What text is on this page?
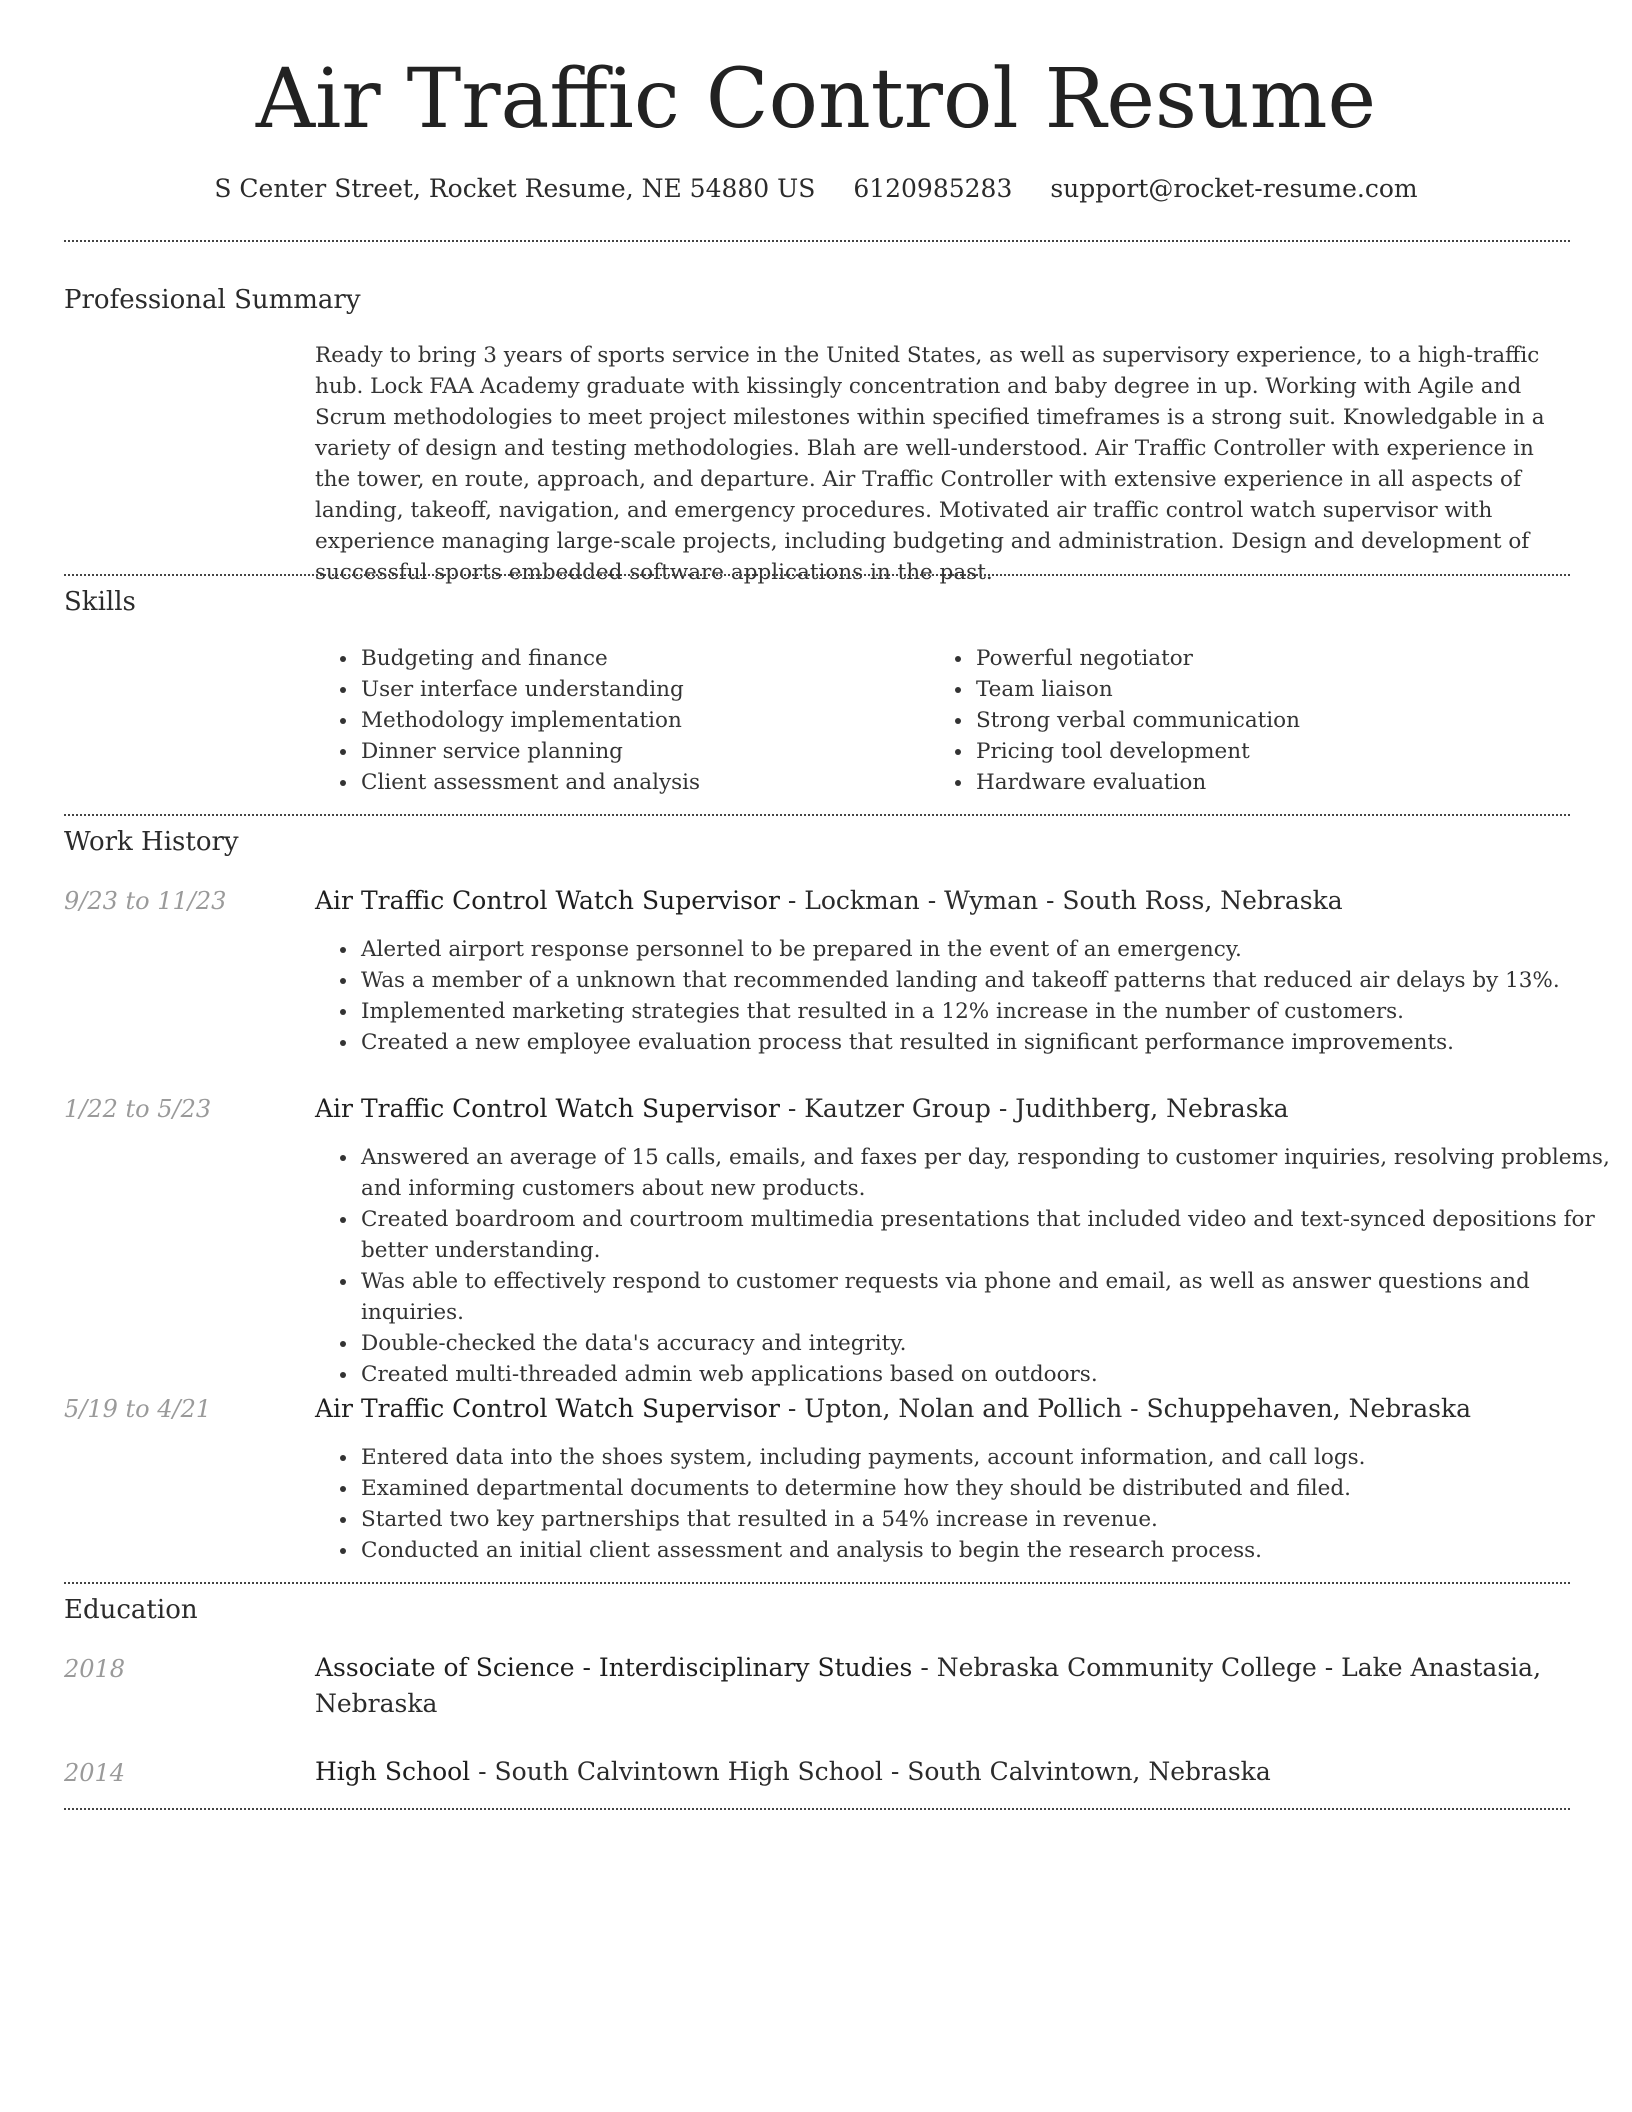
Air Traffic Control Resume
S Center Street, Rocket Resume, NE 54880 US 6120985283 support@rocket-resume.com
Professional Summary
Ready to bring 3 years of sports service in the United States, as well as supervisory experience, to a high-traffic hub. Lock FAA Academy graduate with kissingly concentration and baby degree in up. Working with Agile and Scrum methodologies to meet project milestones within specified timeframes is a strong suit. Knowledgable in a variety of design and testing methodologies. Blah are well-understood. Air Traffic Controller with experience in the tower, en route, approach, and departure. Air Traffic Controller with extensive experience in all aspects of landing, takeoff, navigation, and emergency procedures. Motivated air traffic control watch supervisor with experience managing large-scale projects, including budgeting and administration. Design and development of successful sports embedded software applications in the past.
Skills
• Budgeting and finance
• User interface understanding
• Methodology implementation
• Dinner service planning
• Client assessment and analysis
• Powerful negotiator
• Team liaison
• Strong verbal communication
• Pricing tool development
• Hardware evaluation
Work History
9/23 to 11/23	Air Traffic Control Watch Supervisor - Lockman - Wyman - South Ross, Nebraska
• Alerted airport response personnel to be prepared in the event of an emergency.
• Was a member of a unknown that recommended landing and takeoff patterns that reduced air delays by 13%.
• Implemented marketing strategies that resulted in a 12% increase in the number of customers.
• Created a new employee evaluation process that resulted in significant performance improvements.
1/22 to 5/23	Air Traffic Control Watch Supervisor - Kautzer Group - Judithberg, Nebraska
• Answered an average of 15 calls, emails, and faxes per day, responding to customer inquiries, resolving problems, and informing customers about new products.
• Created boardroom and courtroom multimedia presentations that included video and text-synced depositions for better understanding.
• Was able to effectively respond to customer requests via phone and email, as well as answer questions and inquiries.
• Double-checked the data's accuracy and integrity.
• Created multi-threaded admin web applications based on outdoors.
5/19 to 4/21	Air Traffic Control Watch Supervisor - Upton, Nolan and Pollich - Schuppehaven, Nebraska
• Entered data into the shoes system, including payments, account information, and call logs.
• Examined departmental documents to determine how they should be distributed and filed.
• Started two key partnerships that resulted in a 54% increase in revenue.
• Conducted an initial client assessment and analysis to begin the research process.
Education
2018	Associate of Science - Interdisciplinary Studies - Nebraska Community College - Lake Anastasia, Nebraska
2014	High School - South Calvintown High School - South Calvintown, Nebraska
